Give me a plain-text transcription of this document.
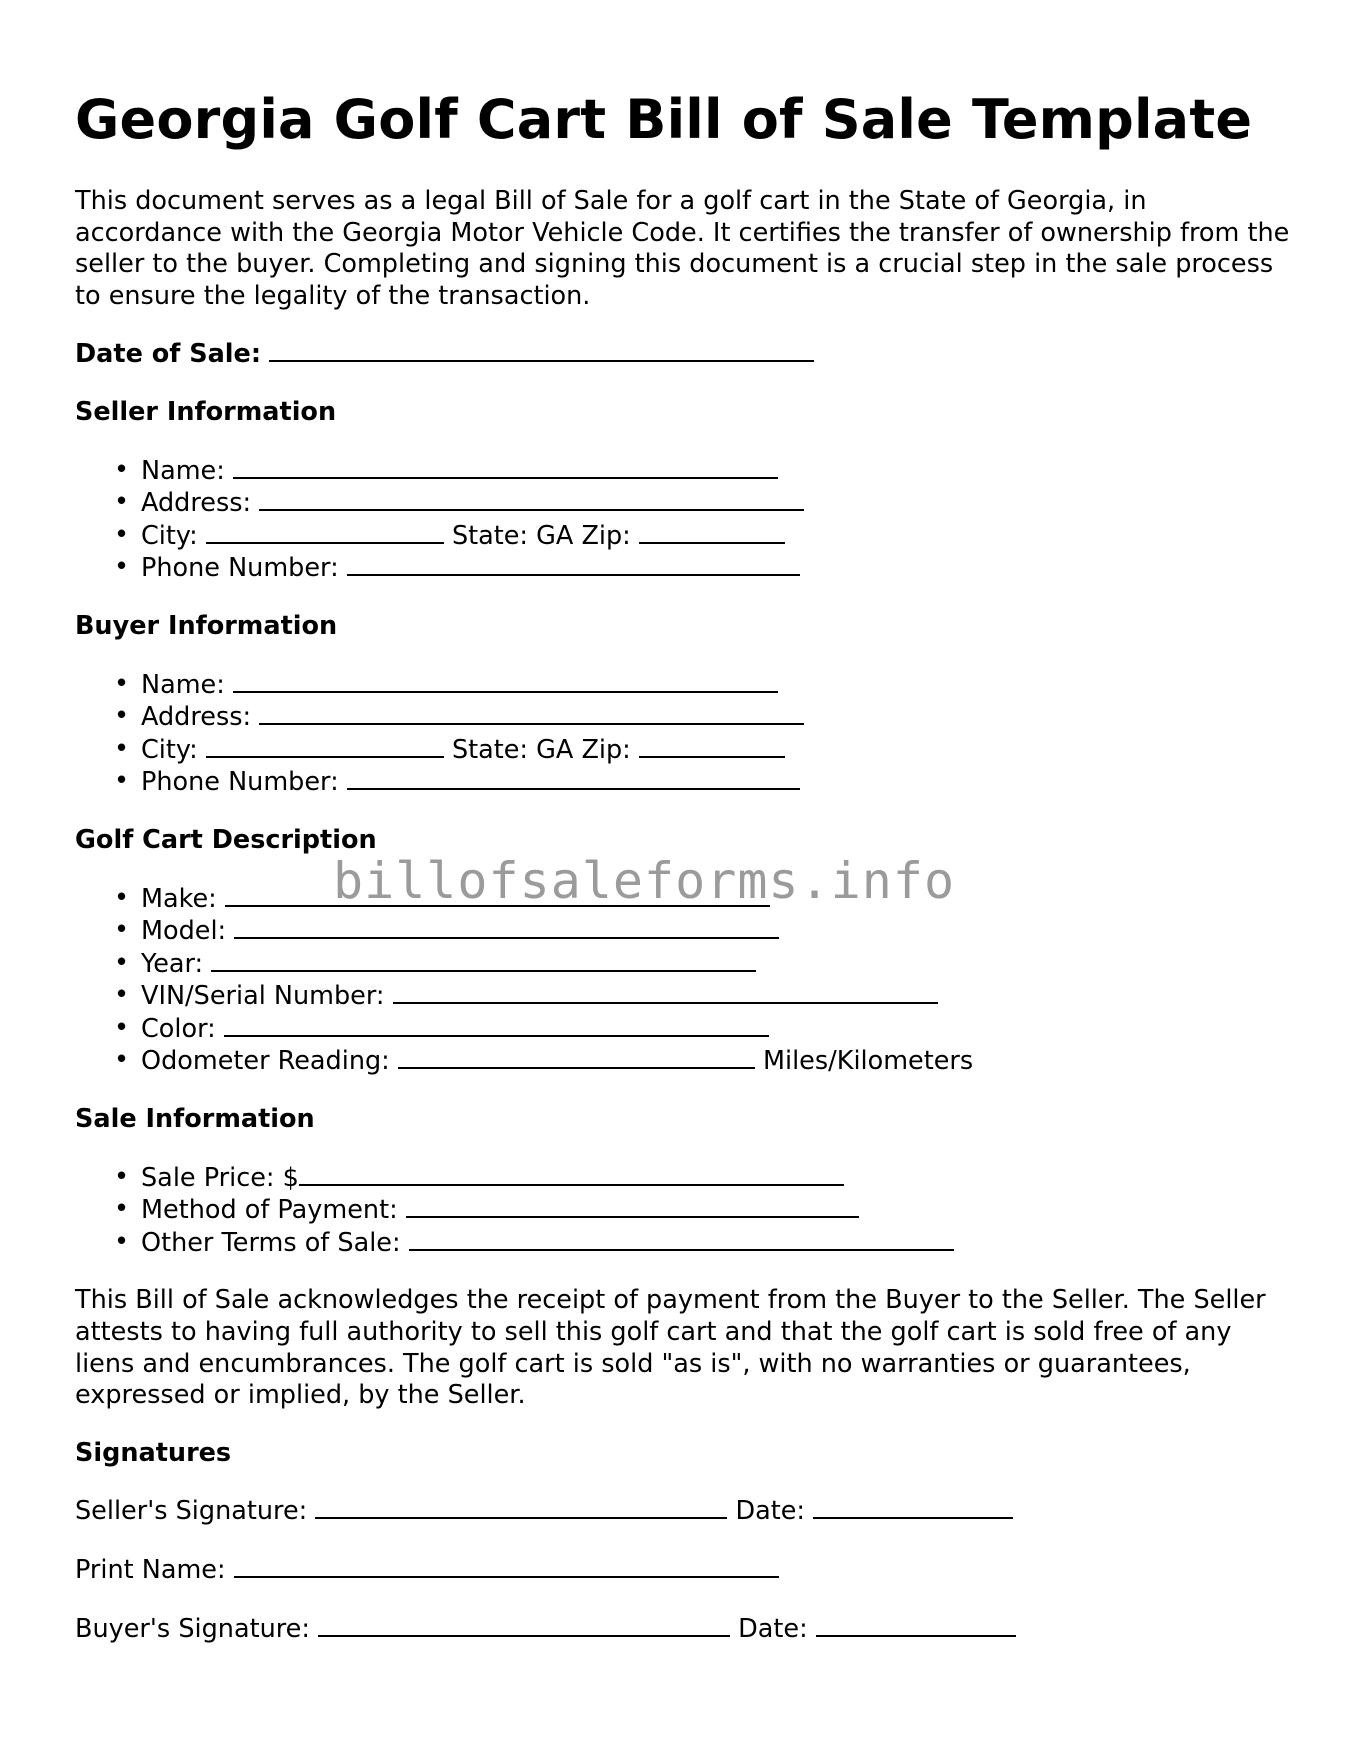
Georgia Golf Cart Bill of Sale Template

This document serves as a legal Bill of Sale for a golf cart in the State of Georgia, in accordance with the Georgia Motor Vehicle Code. It certifies the transfer of ownership from the seller to the buyer. Completing and signing this document is a crucial step in the sale process to ensure the legality of the transaction.

Date of Sale:
Seller Information
• Name:
• Address:
• City:	State: GA Zip:
• Phone Number:
Buyer Information
• Name:
• Address:
• City:	State: GA Zip:
• Phone Number:
Golf Cart Description
• Make:
• Model:
• Year:
• VIN/Serial Number:
• Color:
• Odometer Reading:	Miles/Kilometers
Sale Information
• Sale Price: $
• Method of Payment:
• Other Terms of Sale:

This Bill of Sale acknowledges the receipt of payment from the Buyer to the Seller. The Seller attests to having full authority to sell this golf cart and that the golf cart is sold free of any liens and encumbrances. The golf cart is sold "as is", with no warranties or guarantees, expressed or implied, by the Seller.

Signatures
Seller's Signature:	Date:
Print Name:
Buyer's Signature:	Date:
billofsaleforms.info
